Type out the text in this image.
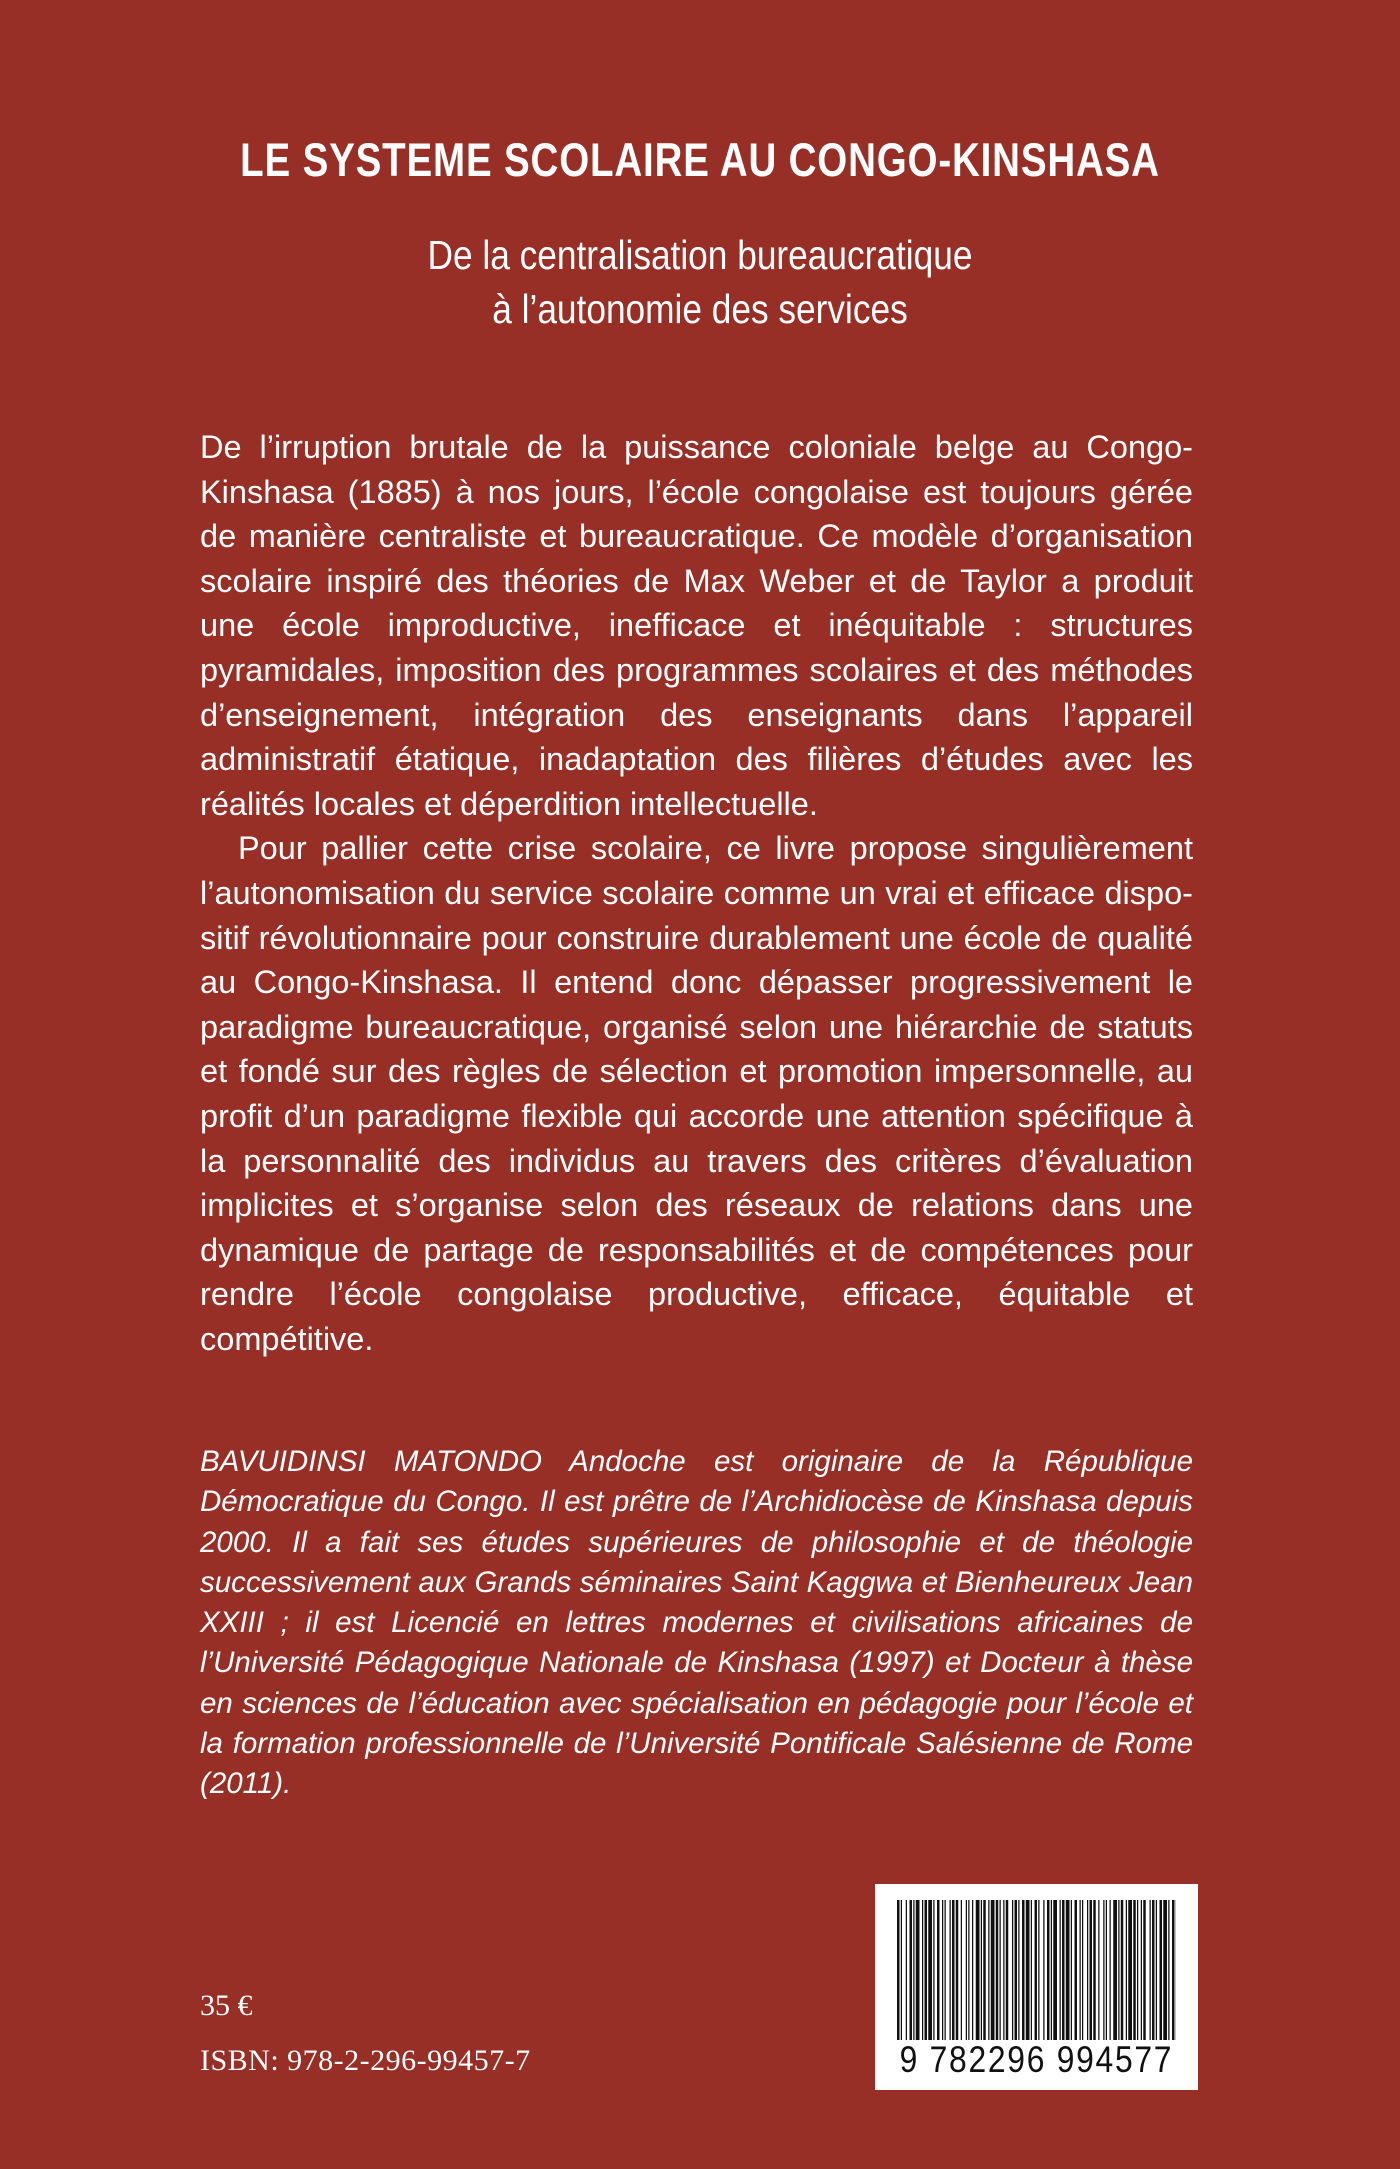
LE SYSTEME SCOLAIRE AU CONGO-KINSHASA
De la centralisation bureaucratique
à l’autonomie des services

De l’irruption brutale de la puissance coloniale belge au Congo-Kinshasa (1885) à nos jours, l’école congolaise est toujours gérée de manière centraliste et bureaucratique. Ce modèle d’organisation scolaire inspiré des théories de Max Weber et de Taylor a produit une école improductive, inefficace et inéquitable : structures pyramidales, imposition des programmes scolaires et des méthodes d’enseignement, intégration des enseignants dans l’appareil administratif étatique, inadaptation des filières d’études avec les réalités locales et déperdition intellectuelle.

Pour pallier cette crise scolaire, ce livre propose singulièrement l’autonomisation du service scolaire comme un vrai et efficace dispositif révolutionnaire pour construire durablement une école de qualité au Congo-Kinshasa. Il entend donc dépasser progressivement le paradigme bureaucratique, organisé selon une hiérarchie de statuts et fondé sur des règles de sélection et promotion impersonnelle, au profit d’un paradigme flexible qui accorde une attention spécifique à la personnalité des individus au travers des critères d’évaluation implicites et s’organise selon des réseaux de relations dans une dynamique de partage de responsabilités et de compétences pour rendre l’école congolaise productive, efficace, équitable et compétitive.

BAVUIDINSI MATONDO Andoche est originaire de la République Démocratique du Congo. Il est prêtre de l’Archidiocèse de Kinshasa depuis 2000. Il a fait ses études supérieures de philosophie et de théologie successivement aux Grands séminaires Saint Kaggwa et Bienheureux Jean XXIII ; il est Licencié en lettres modernes et civilisations africaines de l’Université Pédagogique Nationale de Kinshasa (1997) et Docteur à thèse en sciences de l’éducation avec spécialisation en pédagogie pour l’école et la formation professionnelle de l’Université Pontificale Salésienne de Rome (2011).
9 782296 994577
35 €
ISBN: 978-2-296-99457-7
